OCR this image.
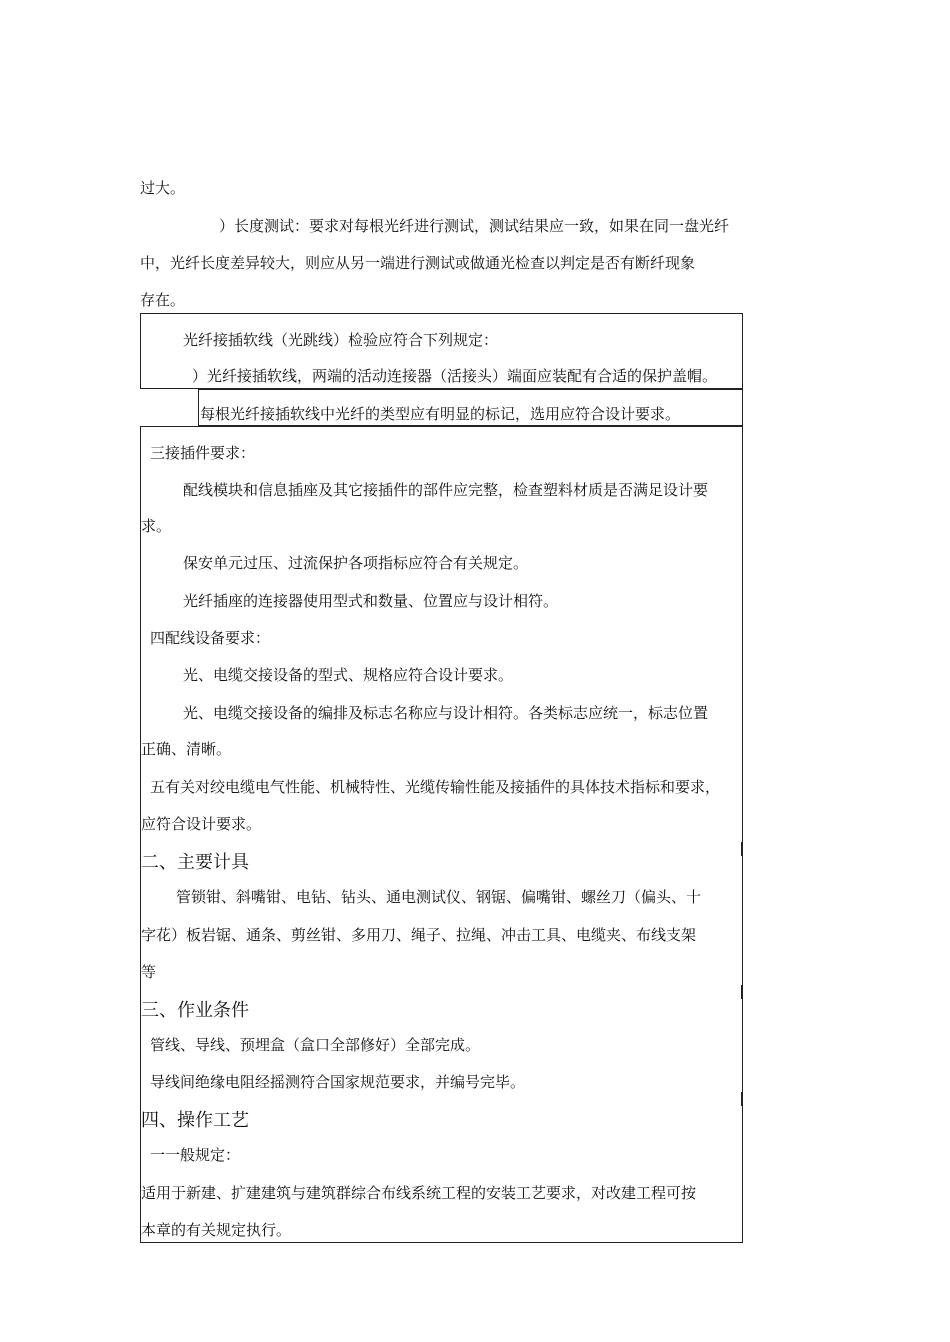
过大。
）长度测试：要求对每根光纤进行测试，测试结果应一致，如果在同一盘光纤
中，光纤长度差异较大，则应从另一端进行测试或做通光检查以判定是否有断纤现象
存在。
光纤接插软线（光跳线）检验应符合下列规定：
）光纤接插软线，两端的活动连接器（活接头）端面应装配有合适的保护盖帽。
每根光纤接插软线中光纤的类型应有明显的标记，选用应符合设计要求。
三接插件要求：
配线模块和信息插座及其它接插件的部件应完整，检查塑料材质是否满足设计要
求。
保安单元过压、过流保护各项指标应符合有关规定。
光纤插座的连接器使用型式和数量、位置应与设计相符。
四配线设备要求：
光、电缆交接设备的型式、规格应符合设计要求。
光、电缆交接设备的编排及标志名称应与设计相符。各类标志应统一，标志位置
正确、清晰。
五有关对绞电缆电气性能、机械特性、光缆传输性能及接插件的具体技术指标和要求，
应符合设计要求。
二、主要计具
管锁钳、斜嘴钳、电钻、钻头、通电测试仪、钢锯、偏嘴钳、螺丝刀（偏头、十
字花）板岩锯、通条、剪丝钳、多用刀、绳子、拉绳、冲击工具、电缆夹、布线支架
等
三、作业条件
管线、导线、预埋盒（盒口全部修好）全部完成。
导线间绝缘电阻经摇测符合国家规范要求，并编号完毕。
四、操作工艺
一一般规定：
适用于新建、扩建建筑与建筑群综合布线系统工程的安装工艺要求，对改建工程可按
本章的有关规定执行。
